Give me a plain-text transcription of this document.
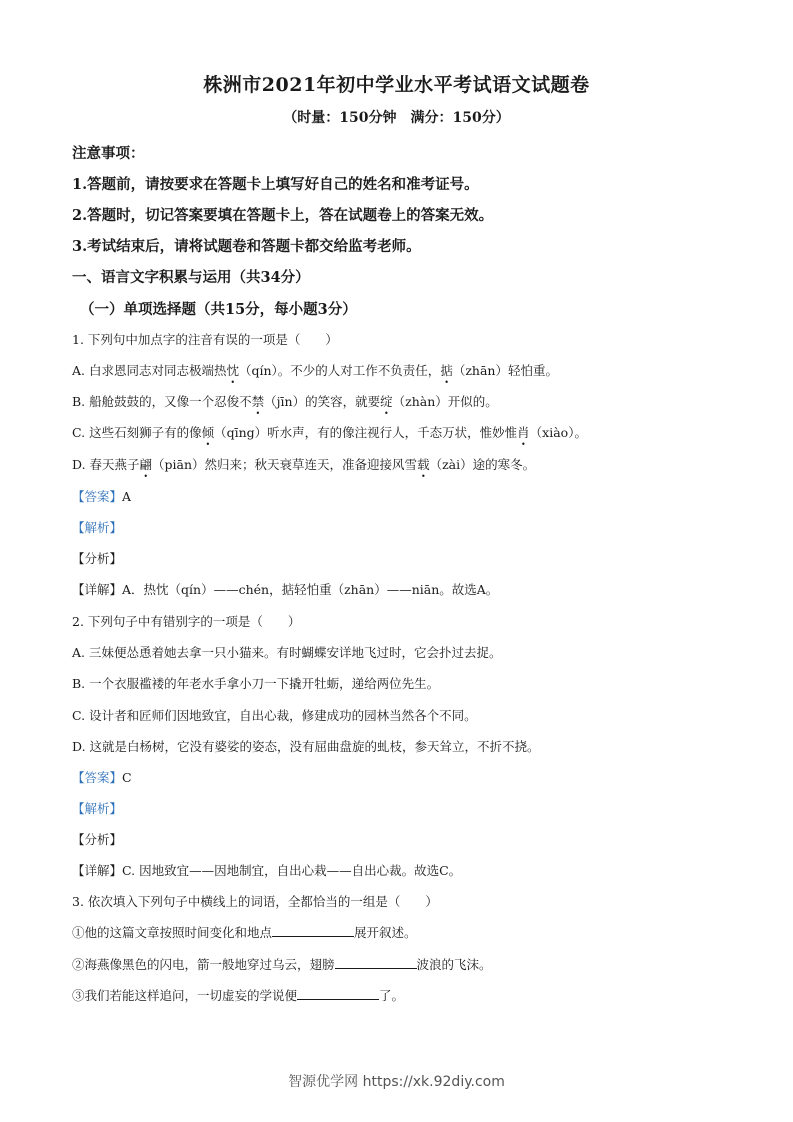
株洲市2021年初中学业水平考试语文试题卷
（时量：150分钟　满分：150分）
注意事项：
1.答题前，请按要求在答题卡上填写好自己的姓名和准考证号。
2.答题时，切记答案要填在答题卡上，答在试题卷上的答案无效。
3.考试结束后，请将试题卷和答题卡都交给监考老师。
一、语言文字积累与运用（共34分）
（一）单项选择题（共15分，每小题3分）
1. 下列句中加点字的注音有误的一项是（　　）
A. 白求恩同志对同志极端热忱（qín）。不少的人对工作不负责任，掂（zhān）轻怕重。
B. 船舱鼓鼓的，又像一个忍俊不禁（jīn）的笑容，就要绽（zhàn）开似的。
C. 这些石刻狮子有的像倾（qīng）听水声，有的像注视行人，千态万状，惟妙惟肖（xiào）。
D. 春天燕子翩（piān）然归来；秋天衰草连天，准备迎接风雪载（zài）途的寒冬。
【答案】A
【解析】
【分析】
【详解】A．热忱（qín）——chén，掂轻怕重（zhān）——niān。故选A。
2. 下列句子中有错别字的一项是（　　）
A. 三妹便怂恿着她去拿一只小猫来。有时蝴蝶安详地飞过时，它会扑过去捉。
B. 一个衣服褴褛的年老水手拿小刀一下撬开牡蛎，递给两位先生。
C. 设计者和匠师们因地致宜，自出心裁，修建成功的园林当然各个不同。
D. 这就是白杨树，它没有婆娑的姿态，没有屈曲盘旋的虬枝，参天耸立，不折不挠。
【答案】C
【解析】
【分析】
【详解】C. 因地致宜——因地制宜，自出心栽——自出心裁。故选C。
3. 依次填入下列句子中横线上的词语，全都恰当的一组是（　　）
①他的这篇文章按照时间变化和地点	展开叙述。
②海燕像黑色的闪电，箭一般地穿过乌云，翅膀	波浪的飞沫。
③我们若能这样追问，一切虚妄的学说便	了。
智源优学网 https://xk.92diy.com
